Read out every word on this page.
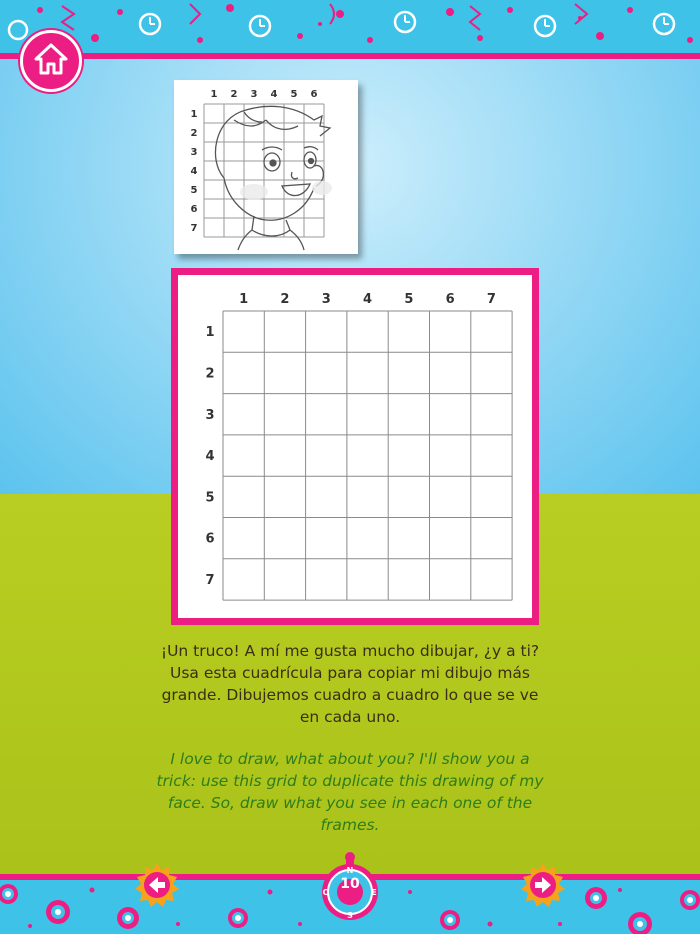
1 2 3 4 5 6
1
2
3
4
5
6
7
1 2 3 4 5 6 7
1
2
3
4
5
6
7

¡Un truco! A mí me gusta mucho dibujar, ¿y a ti? Usa esta cuadrícula para copiar mi dibujo más grande. Dibujemos cuadro a cuadro lo que se ve en cada uno.

I love to draw, what about you? I'll show you a trick: use this grid to duplicate this drawing of my face. So, draw what you see in each one of the frames.

N
S
E
O
10
